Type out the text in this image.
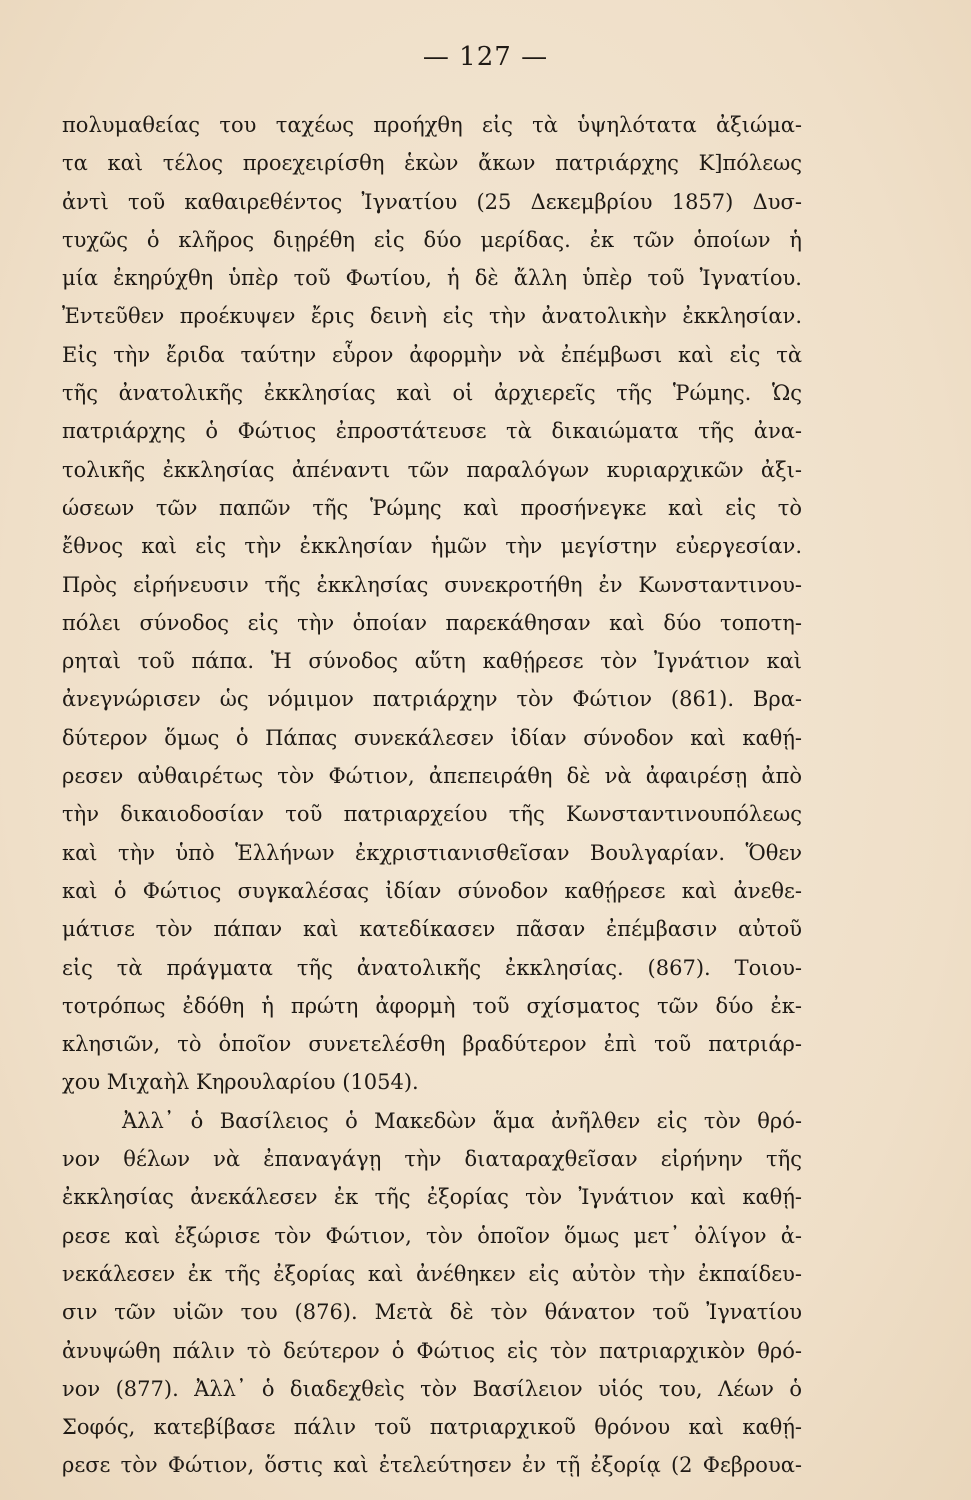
— 127 —
πολυμαθείας του ταχέως προήχθη εἰς τὰ ὑψηλότατα ἀξιώμα-
τα καὶ τέλος προεχειρίσθη ἑκὼν ἄκων πατριάρχης Κ]πόλεως
ἀντὶ τοῦ καθαιρεθέντος Ἰγνατίου (25 Δεκεμβρίου 1857) Δυσ-
τυχῶς ὁ κλῆρος διῃρέθη εἰς δύο μερίδας. ἐκ τῶν ὁποίων ἡ
μία ἐκηρύχθη ὑπὲρ τοῦ Φωτίου, ἡ δὲ ἄλλη ὑπὲρ τοῦ Ἰγνατίου.
Ἐντεῦθεν προέκυψεν ἔρις δεινὴ εἰς τὴν ἀνατολικὴν ἐκκλησίαν.
Εἰς τὴν ἔριδα ταύτην εὗρον ἀφορμὴν νὰ ἐπέμβωσι καὶ εἰς τὰ
τῆς ἀνατολικῆς ἐκκλησίας καὶ οἱ ἀρχιερεῖς τῆς Ῥώμης. Ὡς
πατριάρχης ὁ Φώτιος ἐπροστάτευσε τὰ δικαιώματα τῆς ἀνα-
τολικῆς ἐκκλησίας ἀπέναντι τῶν παραλόγων κυριαρχικῶν ἀξι-
ώσεων τῶν παπῶν τῆς Ῥώμης καὶ προσήνεγκε καὶ εἰς τὸ
ἔθνος καὶ εἰς τὴν ἐκκλησίαν ἡμῶν τὴν μεγίστην εὐεργεσίαν.
Πρὸς εἰρήνευσιν τῆς ἐκκλησίας συνεκροτήθη ἐν Κωνσταντινου-
πόλει σύνοδος εἰς τὴν ὁποίαν παρεκάθησαν καὶ δύο τοποτη-
ρηταὶ τοῦ πάπα. Ἡ σύνοδος αὕτη καθῄρεσε τὸν Ἰγνάτιον καὶ
ἀνεγνώρισεν ὡς νόμιμον πατριάρχην τὸν Φώτιον (861). Βρα-
δύτερον ὅμως ὁ Πάπας συνεκάλεσεν ἰδίαν σύνοδον καὶ καθῄ-
ρεσεν αὐθαιρέτως τὸν Φώτιον, ἀπεπειράθη δὲ νὰ ἀφαιρέσῃ ἀπὸ
τὴν δικαιοδοσίαν τοῦ πατριαρχείου τῆς Κωνσταντινουπόλεως
καὶ τὴν ὑπὸ Ἑλλήνων ἐκχριστιανισθεῖσαν Βουλγαρίαν. Ὅθεν
καὶ ὁ Φώτιος συγκαλέσας ἰδίαν σύνοδον καθῄρεσε καὶ ἀνεθε-
μάτισε τὸν πάπαν καὶ κατεδίκασεν πᾶσαν ἐπέμβασιν αὐτοῦ
εἰς τὰ πράγματα τῆς ἀνατολικῆς ἐκκλησίας. (867). Τοιου-
τοτρόπως ἐδόθη ἡ πρώτη ἀφορμὴ τοῦ σχίσματος τῶν δύο ἐκ-
κλησιῶν, τὸ ὁποῖον συνετελέσθη βραδύτερον ἐπὶ τοῦ πατριάρ-
χου Μιχαὴλ Κηρουλαρίου (1054).
Ἀλλ᾽ ὁ Βασίλειος ὁ Μακεδὼν ἅμα ἀνῆλθεν εἰς τὸν θρό-
νον θέλων νὰ ἐπαναγάγῃ τὴν διαταραχθεῖσαν εἰρήνην τῆς
ἐκκλησίας ἀνεκάλεσεν ἐκ τῆς ἐξορίας τὸν Ἰγνάτιον καὶ καθῄ-
ρεσε καὶ ἐξώρισε τὸν Φώτιον, τὸν ὁποῖον ὅμως μετ᾽ ὀλίγον ἀ-
νεκάλεσεν ἐκ τῆς ἐξορίας καὶ ἀνέθηκεν εἰς αὐτὸν τὴν ἐκπαίδευ-
σιν τῶν υἱῶν του (876). Μετὰ δὲ τὸν θάνατον τοῦ Ἰγνατίου
ἀνυψώθη πάλιν τὸ δεύτερον ὁ Φώτιος εἰς τὸν πατριαρχικὸν θρό-
νον (877). Ἀλλ᾽ ὁ διαδεχθεὶς τὸν Βασίλειον υἱός του, Λέων ὁ
Σοφός, κατεβίβασε πάλιν τοῦ πατριαρχικοῦ θρόνου καὶ καθῄ-
ρεσε τὸν Φώτιον, ὅστις καὶ ἐτελεύτησεν ἐν τῇ ἐξορίᾳ (2 Φεβρουα-
